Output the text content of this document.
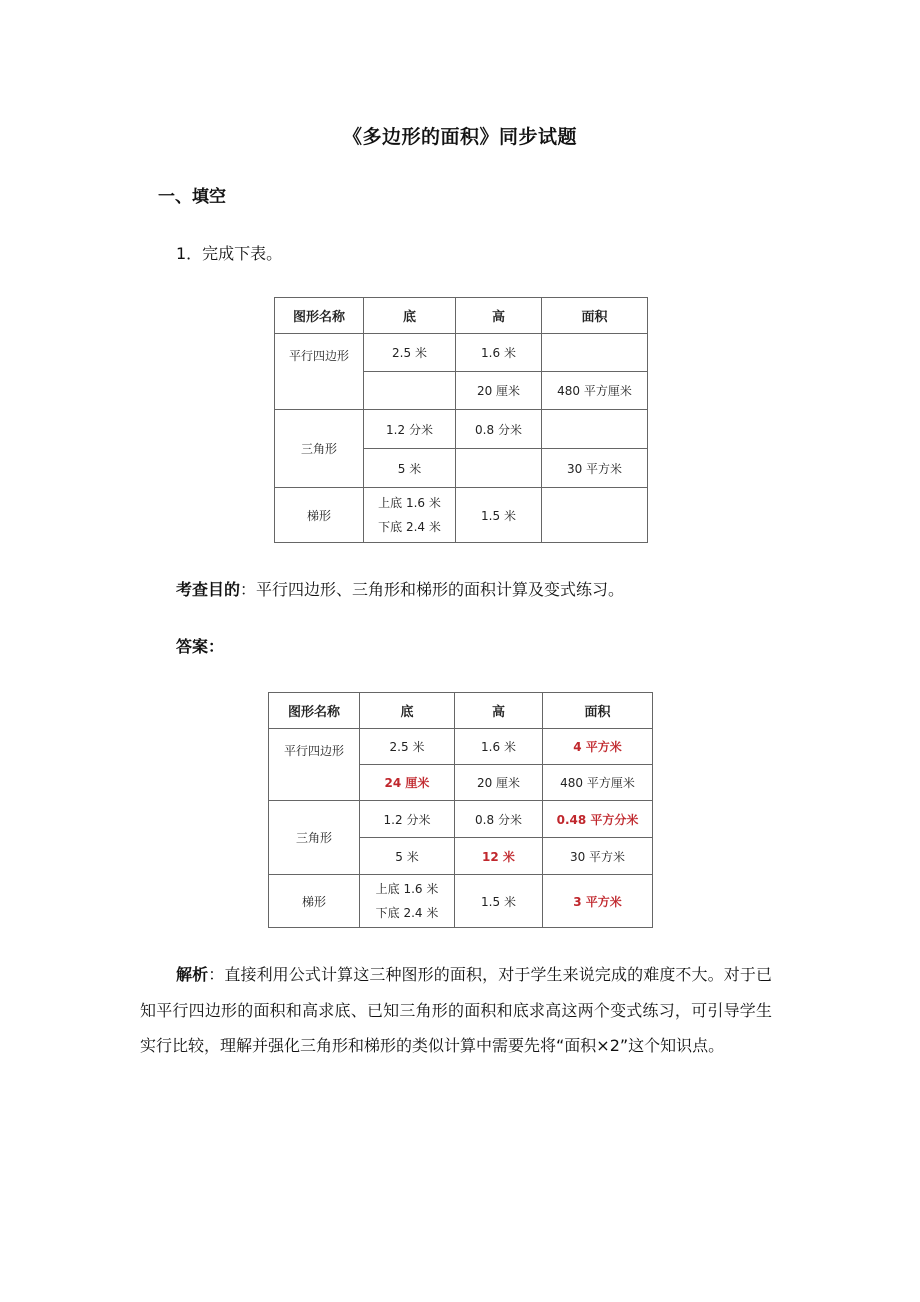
《多边形的面积》同步试题
一、填空
1．完成下表。
图形名称	底	高	面积
平行四边形	2.5 米	1.6 米	
		20 厘米	480 平方厘米
三角形	1.2 分米	0.8 分米	
	5 米		30 平方米
梯形	上底 1.6 米
下底 2.4 米	1.5 米	
考查目的：平行四边形、三角形和梯形的面积计算及变式练习。
答案：
图形名称	底	高	面积
平行四边形	2.5 米	1.6 米	4 平方米
	24 厘米	20 厘米	480 平方厘米
三角形	1.2 分米	0.8 分米	0.48 平方分米
	5 米	12 米	30 平方米
梯形	上底 1.6 米
下底 2.4 米	1.5 米	3 平方米
解析：直接利用公式计算这三种图形的面积，对于学生来说完成的难度不大。对于已知平行四边形的面积和高求底、已知三角形的面积和底求高这两个变式练习，可引导学生实行比较，理解并强化三角形和梯形的类似计算中需要先将“面积×2”这个知识点。
